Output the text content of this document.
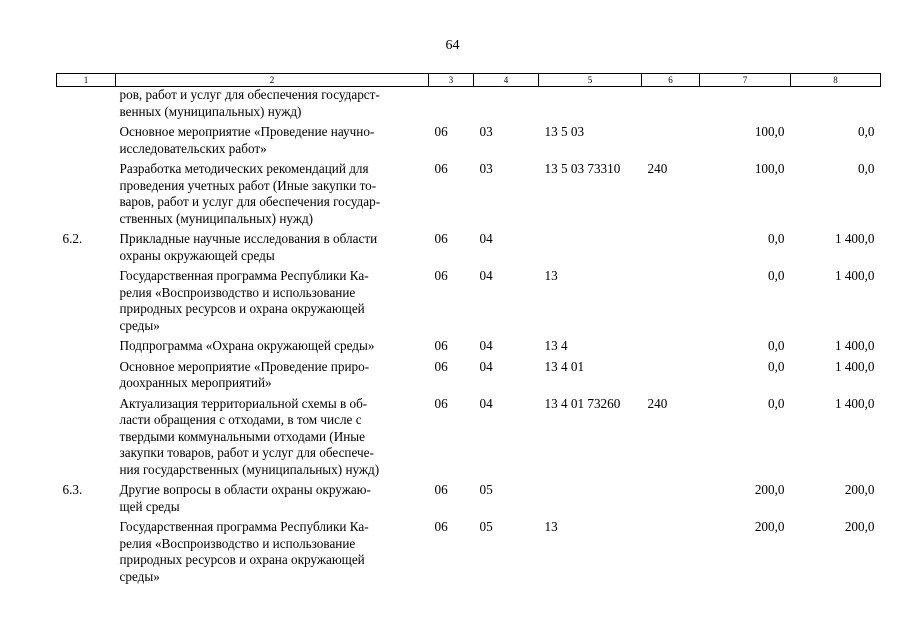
64
1	2	3	4	5	6	7	8

	ров, работ и услуг для обеспечения государст-
венных (муниципальных) нужд)						

	Основное мероприятие «Проведение научно-
исследовательских работ»	06	03	13 5 03		100,0	0,0

	Разработка методических рекомендаций для
проведения учетных работ (Иные закупки то-
варов, работ и услуг для обеспечения государ-
ственных (муниципальных) нужд)	06	03	13 5 03 73310	240	100,0	0,0
6.2.	Прикладные научные исследования в области
охраны окружающей среды	06	04			0,0	1 400,0

	Государственная программа Республики Ка-
релия «Воспроизводство и использование
природных ресурсов и охрана окружающей
среды»	06	04	13		0,0	1 400,0

	Подпрограмма «Охрана окружающей среды»	06	04	13 4		0,0	1 400,0

	Основное мероприятие «Проведение приро-
доохранных мероприятий»	06	04	13 4 01		0,0	1 400,0

	Актуализация территориальной схемы в об-
ласти обращения с отходами, в том числе с
твердыми коммунальными отходами (Иные
закупки товаров, работ и услуг для обеспече-
ния государственных (муниципальных) нужд)	06	04	13 4 01 73260	240	0,0	1 400,0
6.3.	Другие вопросы в области охраны окружаю-
щей среды	06	05			200,0	200,0

	Государственная программа Республики Ка-
релия «Воспроизводство и использование
природных ресурсов и охрана окружающей
среды»	06	05	13		200,0	200,0
